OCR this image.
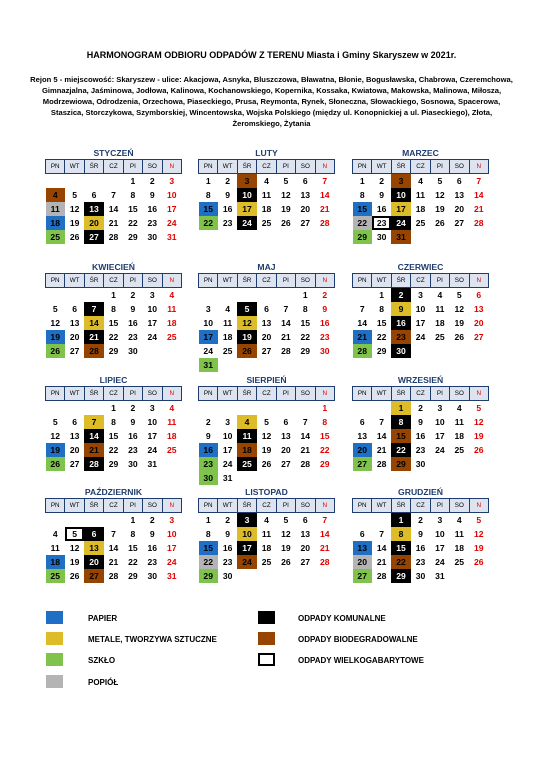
HARMONOGRAM ODBIORU ODPADÓW Z TERENU Miasta i Gminy Skaryszew w 2021r.
Rejon 5 - miejscowość: Skaryszew - ulice: Akacjowa, Asnyka, Bluszczowa, Bławatna, Błonie, Bogusławska, Chabrowa, Czeremchowa, Gimnazjalna, Jaśminowa, Jodłowa, Kalinowa, Kochanowskiego, Kopernika, Kossaka, Kwiatowa, Makowska, Malinowa, Miłosza, Modrzewiowa, Odrodzenia, Orzechowa, Piaseckiego, Prusa, Reymonta, Rynek, Słoneczna, Słowackiego, Sosnowa, Spacerowa, Staszica, Storczykowa, Szymborskiej, Wincentowska, Wojska Polskiego (między ul. Konopnickiej a ul. Piaseckiego), Złota, Żeromskiego, Żytania
STYCZEŃ
PN	WT	ŚR	CZ	PI	SO	N
				1	2	3
4	5	6	7	8	9	10
11	12	13	14	15	16	17
18	19	20	21	22	23	24
25	26	27	28	29	30	31
LUTY
PN	WT	ŚR	CZ	PI	SO	N
1	2	3	4	5	6	7
8	9	10	11	12	13	14
15	16	17	18	19	20	21
22	23	24	25	26	27	28
MARZEC
PN	WT	ŚR	CZ	PI	SO	N
1	2	3	4	5	6	7
8	9	10	11	12	13	14
15	16	17	18	19	20	21
22	23	24	25	26	27	28
29	30	31				
KWIECIEŃ
PN	WT	ŚR	CZ	PI	SO	N
			1	2	3	4
5	6	7	8	9	10	11
12	13	14	15	16	17	18
19	20	21	22	23	24	25
26	27	28	29	30		
MAJ
PN	WT	ŚR	CZ	PI	SO	N
					1	2
3	4	5	6	7	8	9
10	11	12	13	14	15	16
17	18	19	20	21	22	23
24	25	26	27	28	29	30
31						
CZERWIEC
PN	WT	ŚR	CZ	PI	SO	N
	1	2	3	4	5	6
7	8	9	10	11	12	13
14	15	16	17	18	19	20
21	22	23	24	25	26	27
28	29	30				
LIPIEC
PN	WT	ŚR	CZ	PI	SO	N
			1	2	3	4
5	6	7	8	9	10	11
12	13	14	15	16	17	18
19	20	21	22	23	24	25
26	27	28	29	30	31	
SIERPIEŃ
PN	WT	ŚR	CZ	PI	SO	N
						1
2	3	4	5	6	7	8
9	10	11	12	13	14	15
16	17	18	19	20	21	22
23	24	25	26	27	28	29
30	31					
WRZESIEŃ
PN	WT	ŚR	CZ	PI	SO	N
		1	2	3	4	5
6	7	8	9	10	11	12
13	14	15	16	17	18	19
20	21	22	23	24	25	26
27	28	29	30			
PAŹDZIERNIK
PN	WT	ŚR	CZ	PI	SO	N
				1	2	3
4	5	6	7	8	9	10
11	12	13	14	15	16	17
18	19	20	21	22	23	24
25	26	27	28	29	30	31
LISTOPAD
PN	WT	ŚR	CZ	PI	SO	N
1	2	3	4	5	6	7
8	9	10	11	12	13	14
15	16	17	18	19	20	21
22	23	24	25	26	27	28
29	30					
GRUDZIEŃ
PN	WT	ŚR	CZ	PI	SO	N
		1	2	3	4	5
6	7	8	9	10	11	12
13	14	15	16	17	18	19
20	21	22	23	24	25	26
27	28	29	30	31		
PAPIER	ODPADY KOMUNALNE
METALE, TWORZYWA SZTUCZNE	ODPADY BIODEGRADOWALNE
SZKŁO	ODPADY WIELKOGABARYTOWE
POPIÓŁ
